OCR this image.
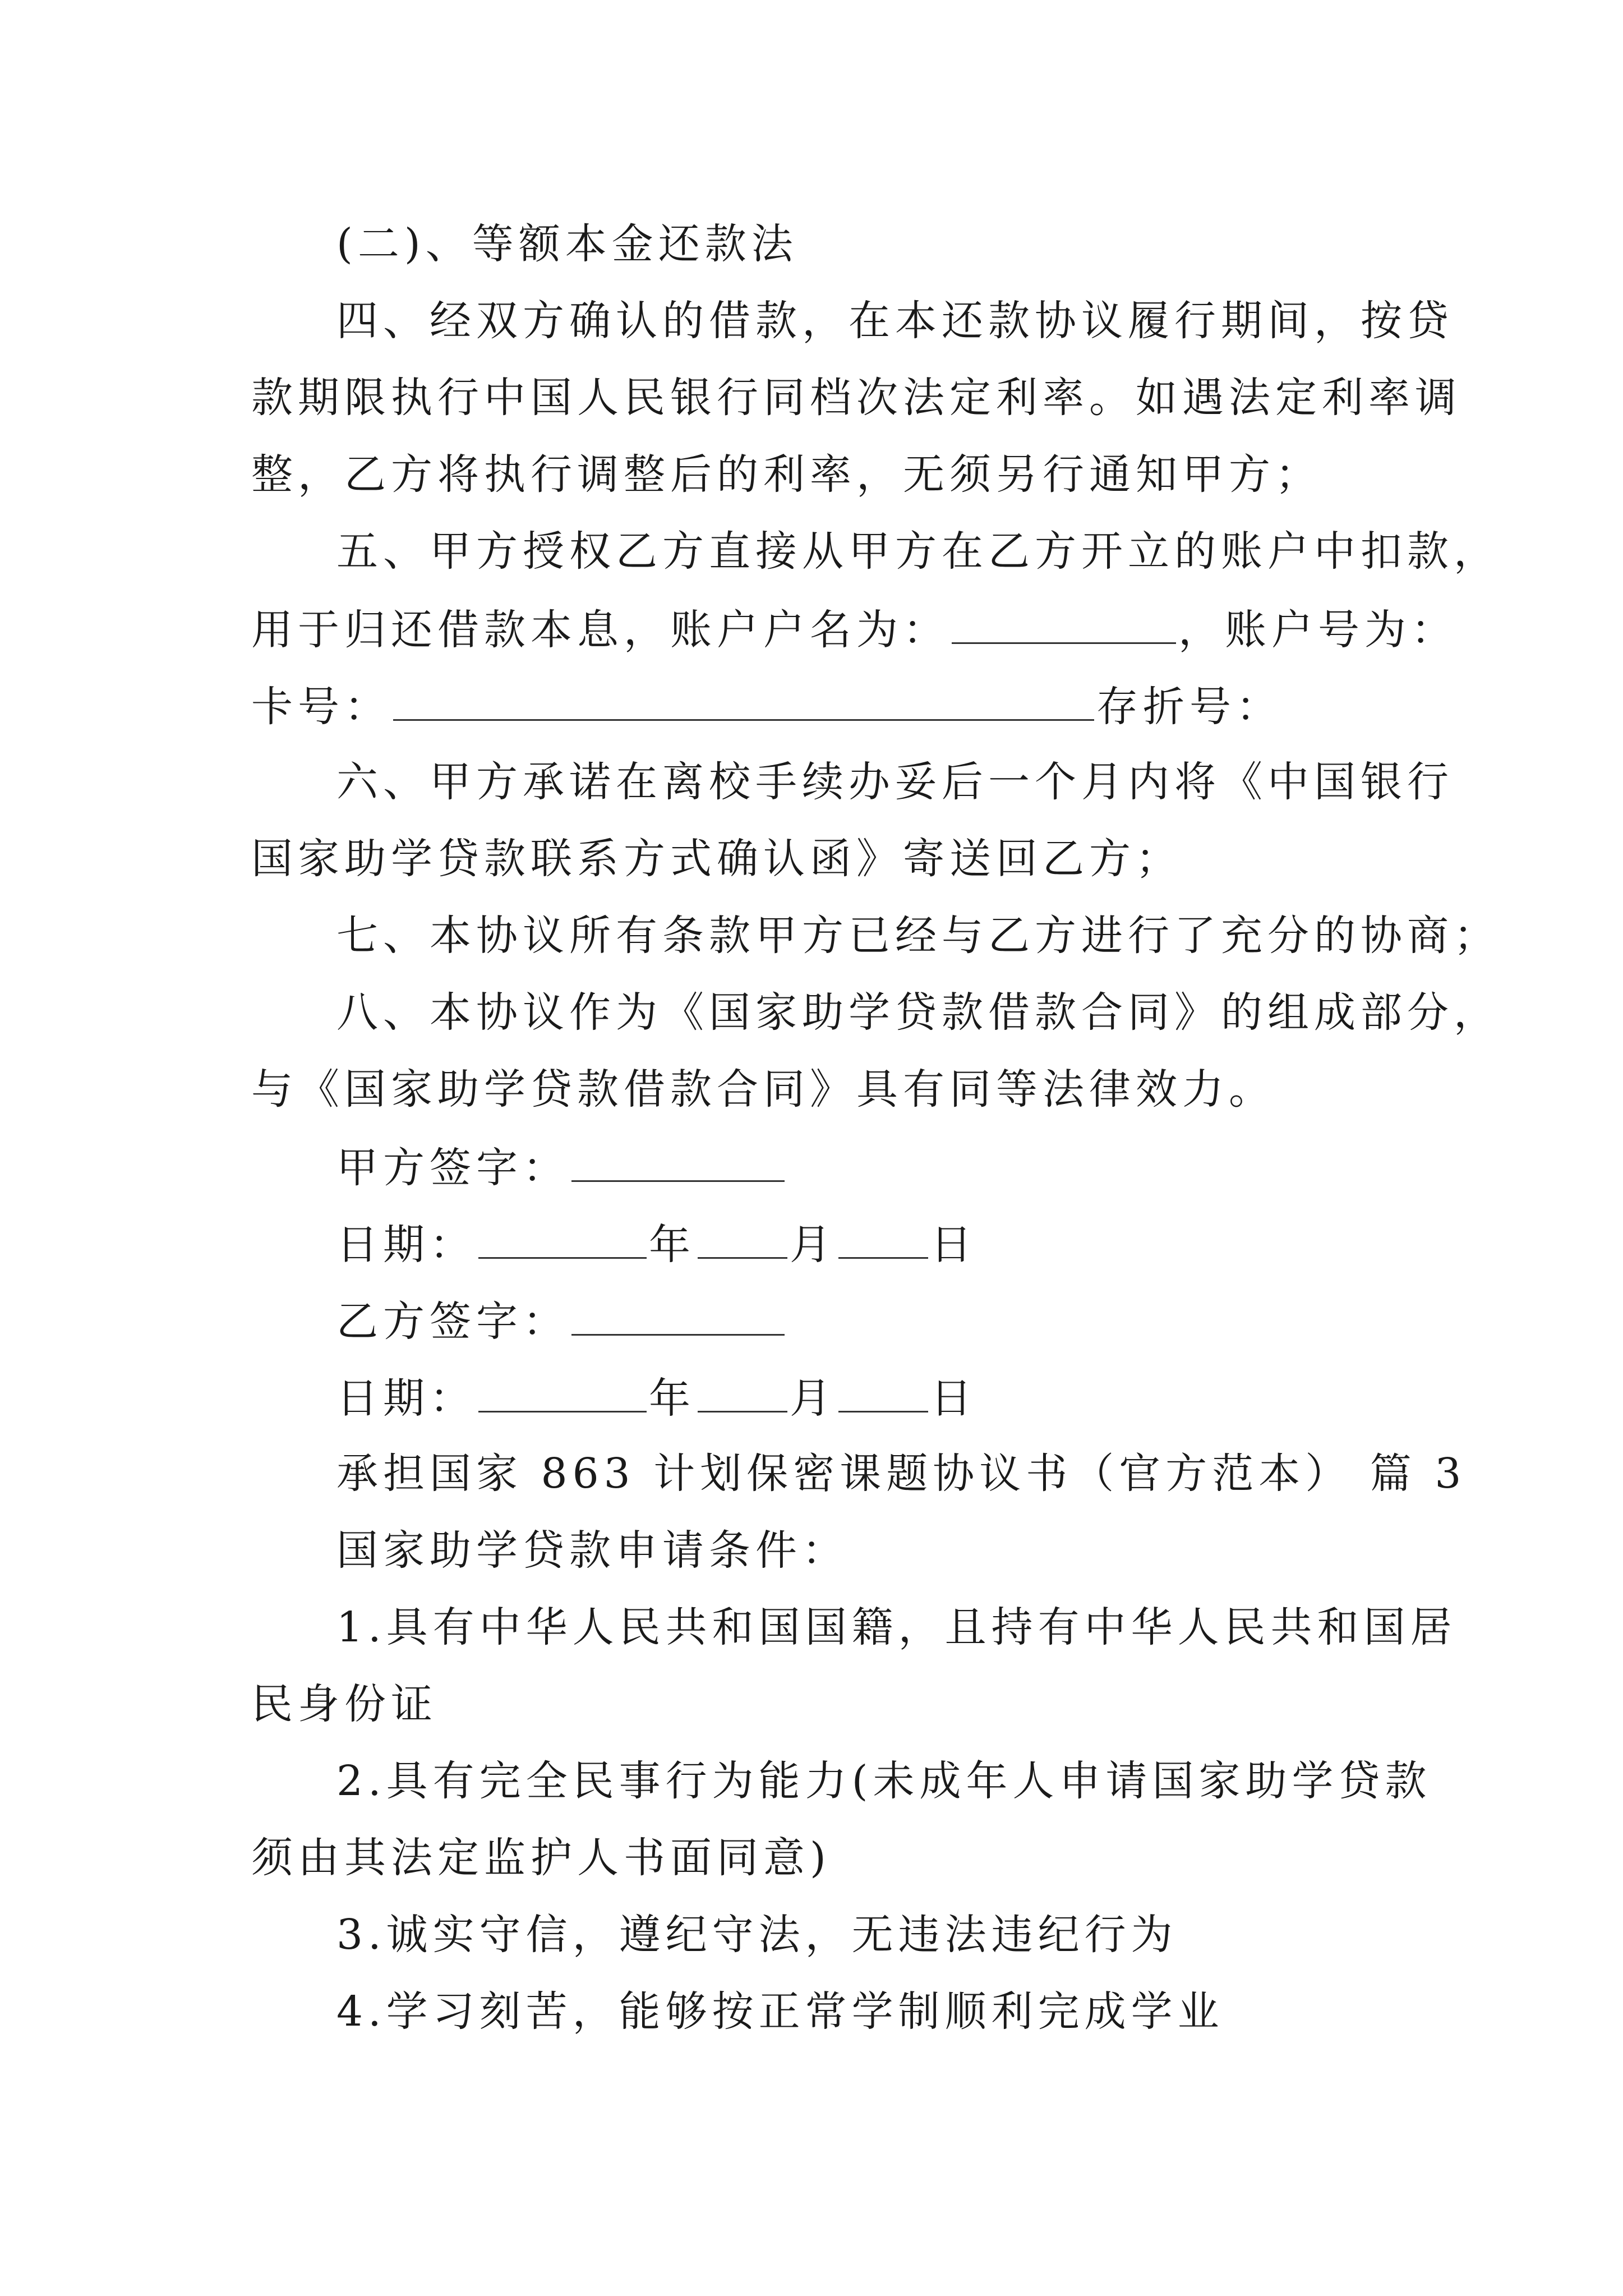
(二)、等额本金还款法
四、经双方确认的借款，在本还款协议履行期间，按贷
款期限执行中国人民银行同档次法定利率。如遇法定利率调
整，乙方将执行调整后的利率，无须另行通知甲方；
五、甲方授权乙方直接从甲方在乙方开立的账户中扣款，
用于归还借款本息，账户户名为：	，账户号为：
卡号：	存折号：
六、甲方承诺在离校手续办妥后一个月内将《中国银行
国家助学贷款联系方式确认函》寄送回乙方；
七、本协议所有条款甲方已经与乙方进行了充分的协商；
八、本协议作为《国家助学贷款借款合同》的组成部分，
与《国家助学贷款借款合同》具有同等法律效力。
甲方签字：
日期：	年 月 日
乙方签字：
日期：	年 月 日
承担国家 863 计划保密课题协议书（官方范本） 篇 3
国家助学贷款申请条件：
1.具有中华人民共和国国籍，且持有中华人民共和国居
民身份证
2.具有完全民事行为能力(未成年人申请国家助学贷款
须由其法定监护人书面同意)
3.诚实守信，遵纪守法，无违法违纪行为
4.学习刻苦，能够按正常学制顺利完成学业
